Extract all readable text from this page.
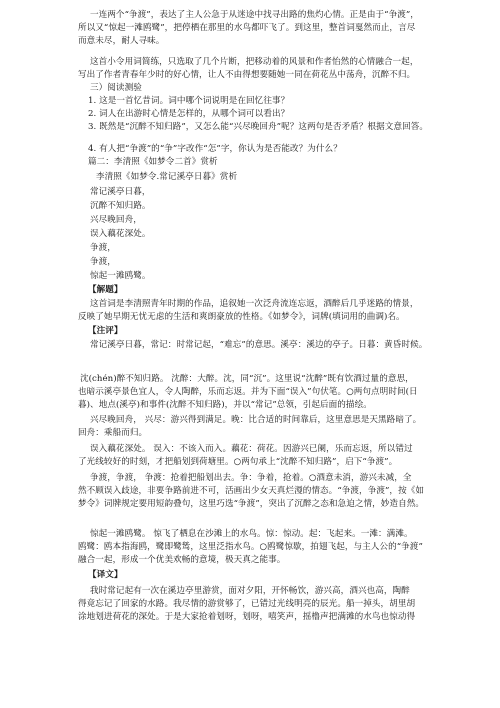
一连两个“争渡”，表达了主人公急于从迷途中找寻出路的焦灼心情。正是由于“争渡”，

所以又“惊起一滩鸥鹭”，把停栖在那里的水鸟都吓飞了。到这里，整首词戛然而止，言尽

而意未尽，耐人寻味。

这首小令用词简练，只选取了几个片断，把移动着的风景和作者怡然的心情融合一起，

写出了作者青春年少时的好心情，让人不由得想要随她一同在荷花丛中荡舟，沉醉不归。

三）阅读测验

1. 这是一首忆昔词。词中哪个词说明是在回忆往事？

2. 词人在出游时心情是怎样的，从哪个词可以看出？

3. 既然是“沉醉不知归路”，又怎么能“兴尽晚回舟”呢？这两句是否矛盾？根据文意回答。

4. 有人把“争渡”的“争”字改作“怎”字，你认为是否能改？为什么？

篇二：李清照《如梦令二首》赏析

李清照《如梦令.常记溪亭日暮》赏析

常记溪亭日暮，

沉醉不知归路。

兴尽晚回舟，

误入藕花深处。

争渡，

争渡，

惊起一滩鸥鹭。

【解题】

这首词是李清照青年时期的作品，追叙她一次泛舟流连忘返，酒醉后几乎迷路的情景，

反映了她早期无忧无虑的生活和爽朗豪放的性格。《如梦令》，词牌(填词用的曲调)名。

【注评】

常记溪亭日暮，常记：时常记起，“难忘”的意思。溪亭：溪边的亭子。日暮：黄昏时候。

沈(chén)醉不知归路。 沈醉：大醉。沈，同“沉”。这里说“沈醉”既有饮酒过量的意思，

也暗示溪亭景色宜人，令人陶醉，乐而忘返。并为下面“误入”句伏笔。○两句点明时间(日

暮)、地点(溪亭)和事件(沈醉不知归路)，并以“常记”总领，引起后面的描绘。

兴尽晚回舟， 兴尽：游兴得到满足。晚：比合适的时间靠后，这里意思是天黑路暗了。

回舟：乘船而归。

误入藕花深处。 误入：不该入而入。藕花：荷花。因游兴已阑，乐而忘返，所以错过

了光线较好的时刻，才把船划到荷塘里。○两句承上“沈醉不知归路”，启下“争渡”。

争渡，争渡， 争渡：抢着把船划出去。争：争着，抢着。○酒意未消，游兴未减，全

然不顾误入歧途，非要争路前进不可，活画出少女天真烂漫的情态。“争渡，争渡”，按《如

梦令》词牌规定要用短韵叠句，这里巧选“争渡”，突出了沉醉之态和急迫之情，妙造自然。

惊起一滩鸥鹭。 惊飞了栖息在沙滩上的水鸟。惊：惊动。起：飞起来。一滩：满滩。

鸥鹭：鸥本指海鸥，鹭即鹭鸶，这里泛指水鸟。○鸥鹭惊歇，拍翅飞起，与主人公的“争渡”

融合一起，形成一个优美欢畅的意境，极天真之能事。

【译文】

我时常记起有一次在溪边亭里游赏，面对夕阳，开怀畅饮，游兴高，酒兴也高，陶醉

得竟忘记了回家的水路。我尽情的游赏够了，已错过光线明亮的辰光。船一掉头，胡里胡

涂地划进荷花的深处。于是大家抢着划呀，划呀，嘻笑声，摇橹声把满滩的水鸟也惊动得
